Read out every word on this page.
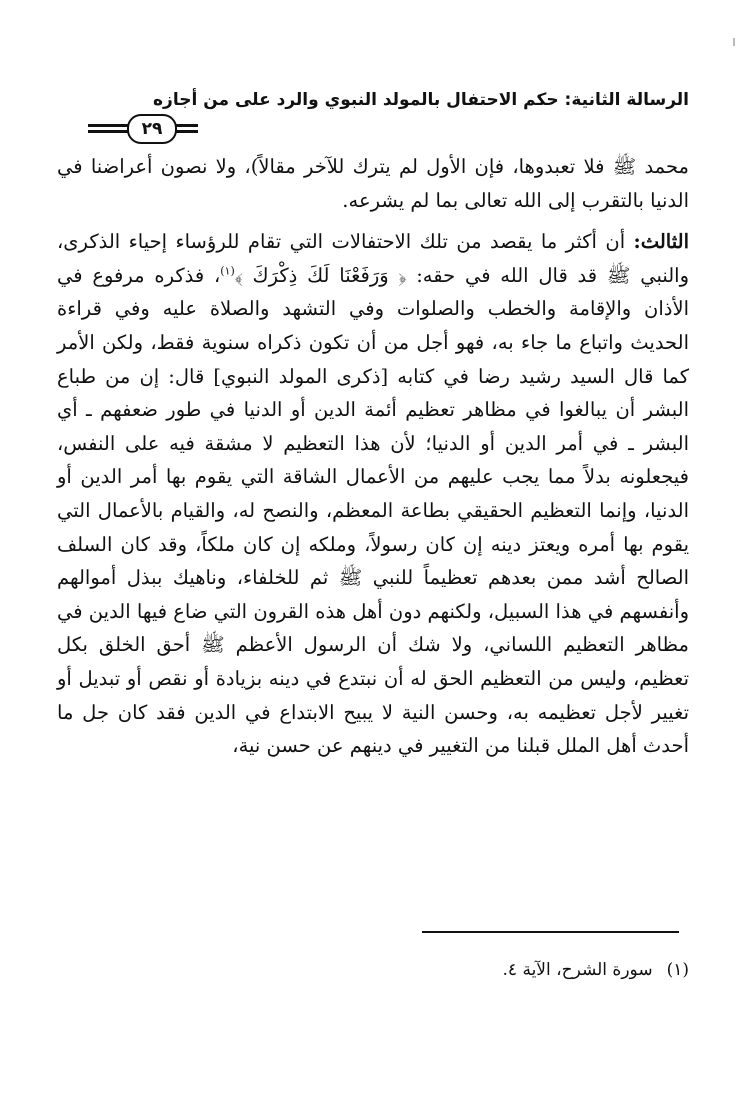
الرسالة الثانية: حكم الاحتفال بالمولد النبوي والرد على من أجازه
٢٩

محمد ﷺ فلا تعبدوها، فإن الأول لم يترك للآخر مقالاً)، ولا نصون أعراضنا في الدنيا بالتقرب إلى الله تعالى بما لم يشرعه.

الثالث: أن أكثر ما يقصد من تلك الاحتفالات التي تقام للرؤساء إحياء الذكرى، والنبي ﷺ قد قال الله في حقه: ﴿ وَرَفَعْنَا لَكَ ذِكْرَكَ ﴾$^{(١)}$، فذكره مرفوع في الأذان والإقامة والخطب والصلوات وفي التشهد والصلاة عليه وفي قراءة الحديث واتباع ما جاء به، فهو أجل من أن تكون ذكراه سنوية فقط، ولكن الأمر كما قال السيد رشيد رضا في كتابه [ذكرى المولد النبوي] قال: إن من طباع البشر أن يبالغوا في مظاهر تعظيم أئمة الدين أو الدنيا في طور ضعفهم ـ أي البشر ـ في أمر الدين أو الدنيا؛ لأن هذا التعظيم لا مشقة فيه على النفس، فيجعلونه بدلاً مما يجب عليهم من الأعمال الشاقة التي يقوم بها أمر الدين أو الدنيا، وإنما التعظيم الحقيقي بطاعة المعظم، والنصح له، والقيام بالأعمال التي يقوم بها أمره ويعتز دينه إن كان رسولاً، وملكه إن كان ملكاً، وقد كان السلف الصالح أشد ممن بعدهم تعظيماً للنبي ﷺ ثم للخلفاء، وناهيك ببذل أموالهم وأنفسهم في هذا السبيل، ولكنهم دون أهل هذه القرون التي ضاع فيها الدين في مظاهر التعظيم اللساني، ولا شك أن الرسول الأعظم ﷺ أحق الخلق بكل تعظيم، وليس من التعظيم الحق له أن نبتدع في دينه بزيادة أو نقص أو تبديل أو تغيير لأجل تعظيمه به، وحسن النية لا يبيح الابتداع في الدين فقد كان جل ما أحدث أهل الملل قبلنا من التغيير في دينهم عن حسن نية،

(١)سورة الشرح، الآية ٤.
